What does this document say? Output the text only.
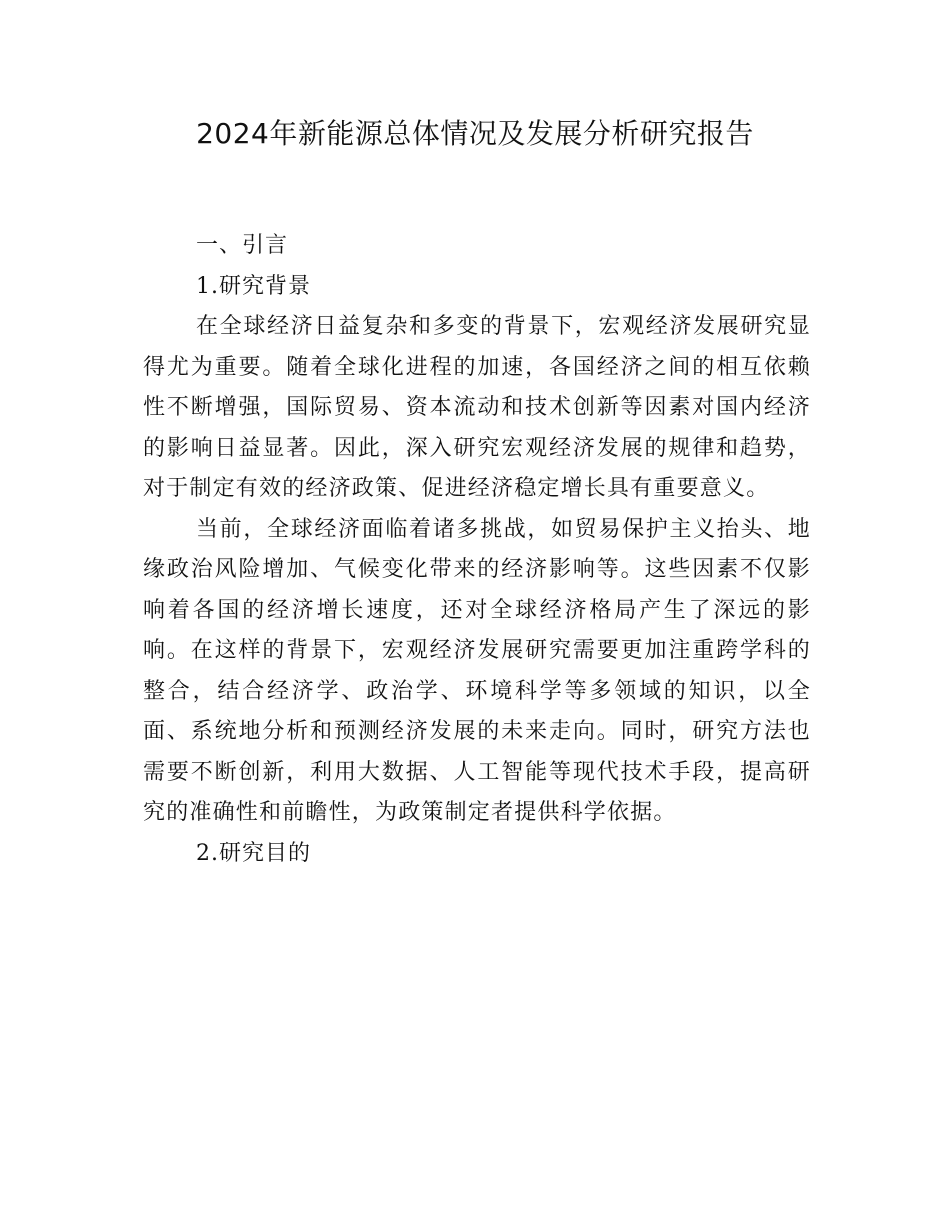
2024年新能源总体情况及发展分析研究报告

一、引言

1.研究背景

在全球经济日益复杂和多变的背景下，宏观经济发展研究显得尤为重要。随着全球化进程的加速，各国经济之间的相互依赖性不断增强，国际贸易、资本流动和技术创新等因素对国内经济的影响日益显著。因此，深入研究宏观经济发展的规律和趋势，对于制定有效的经济政策、促进经济稳定增长具有重要意义。

当前，全球经济面临着诸多挑战，如贸易保护主义抬头、地缘政治风险增加、气候变化带来的经济影响等。这些因素不仅影响着各国的经济增长速度，还对全球经济格局产生了深远的影响。在这样的背景下，宏观经济发展研究需要更加注重跨学科的整合，结合经济学、政治学、环境科学等多领域的知识，以全面、系统地分析和预测经济发展的未来走向。同时，研究方法也需要不断创新，利用大数据、人工智能等现代技术手段，提高研究的准确性和前瞻性，为政策制定者提供科学依据。

2.研究目的
